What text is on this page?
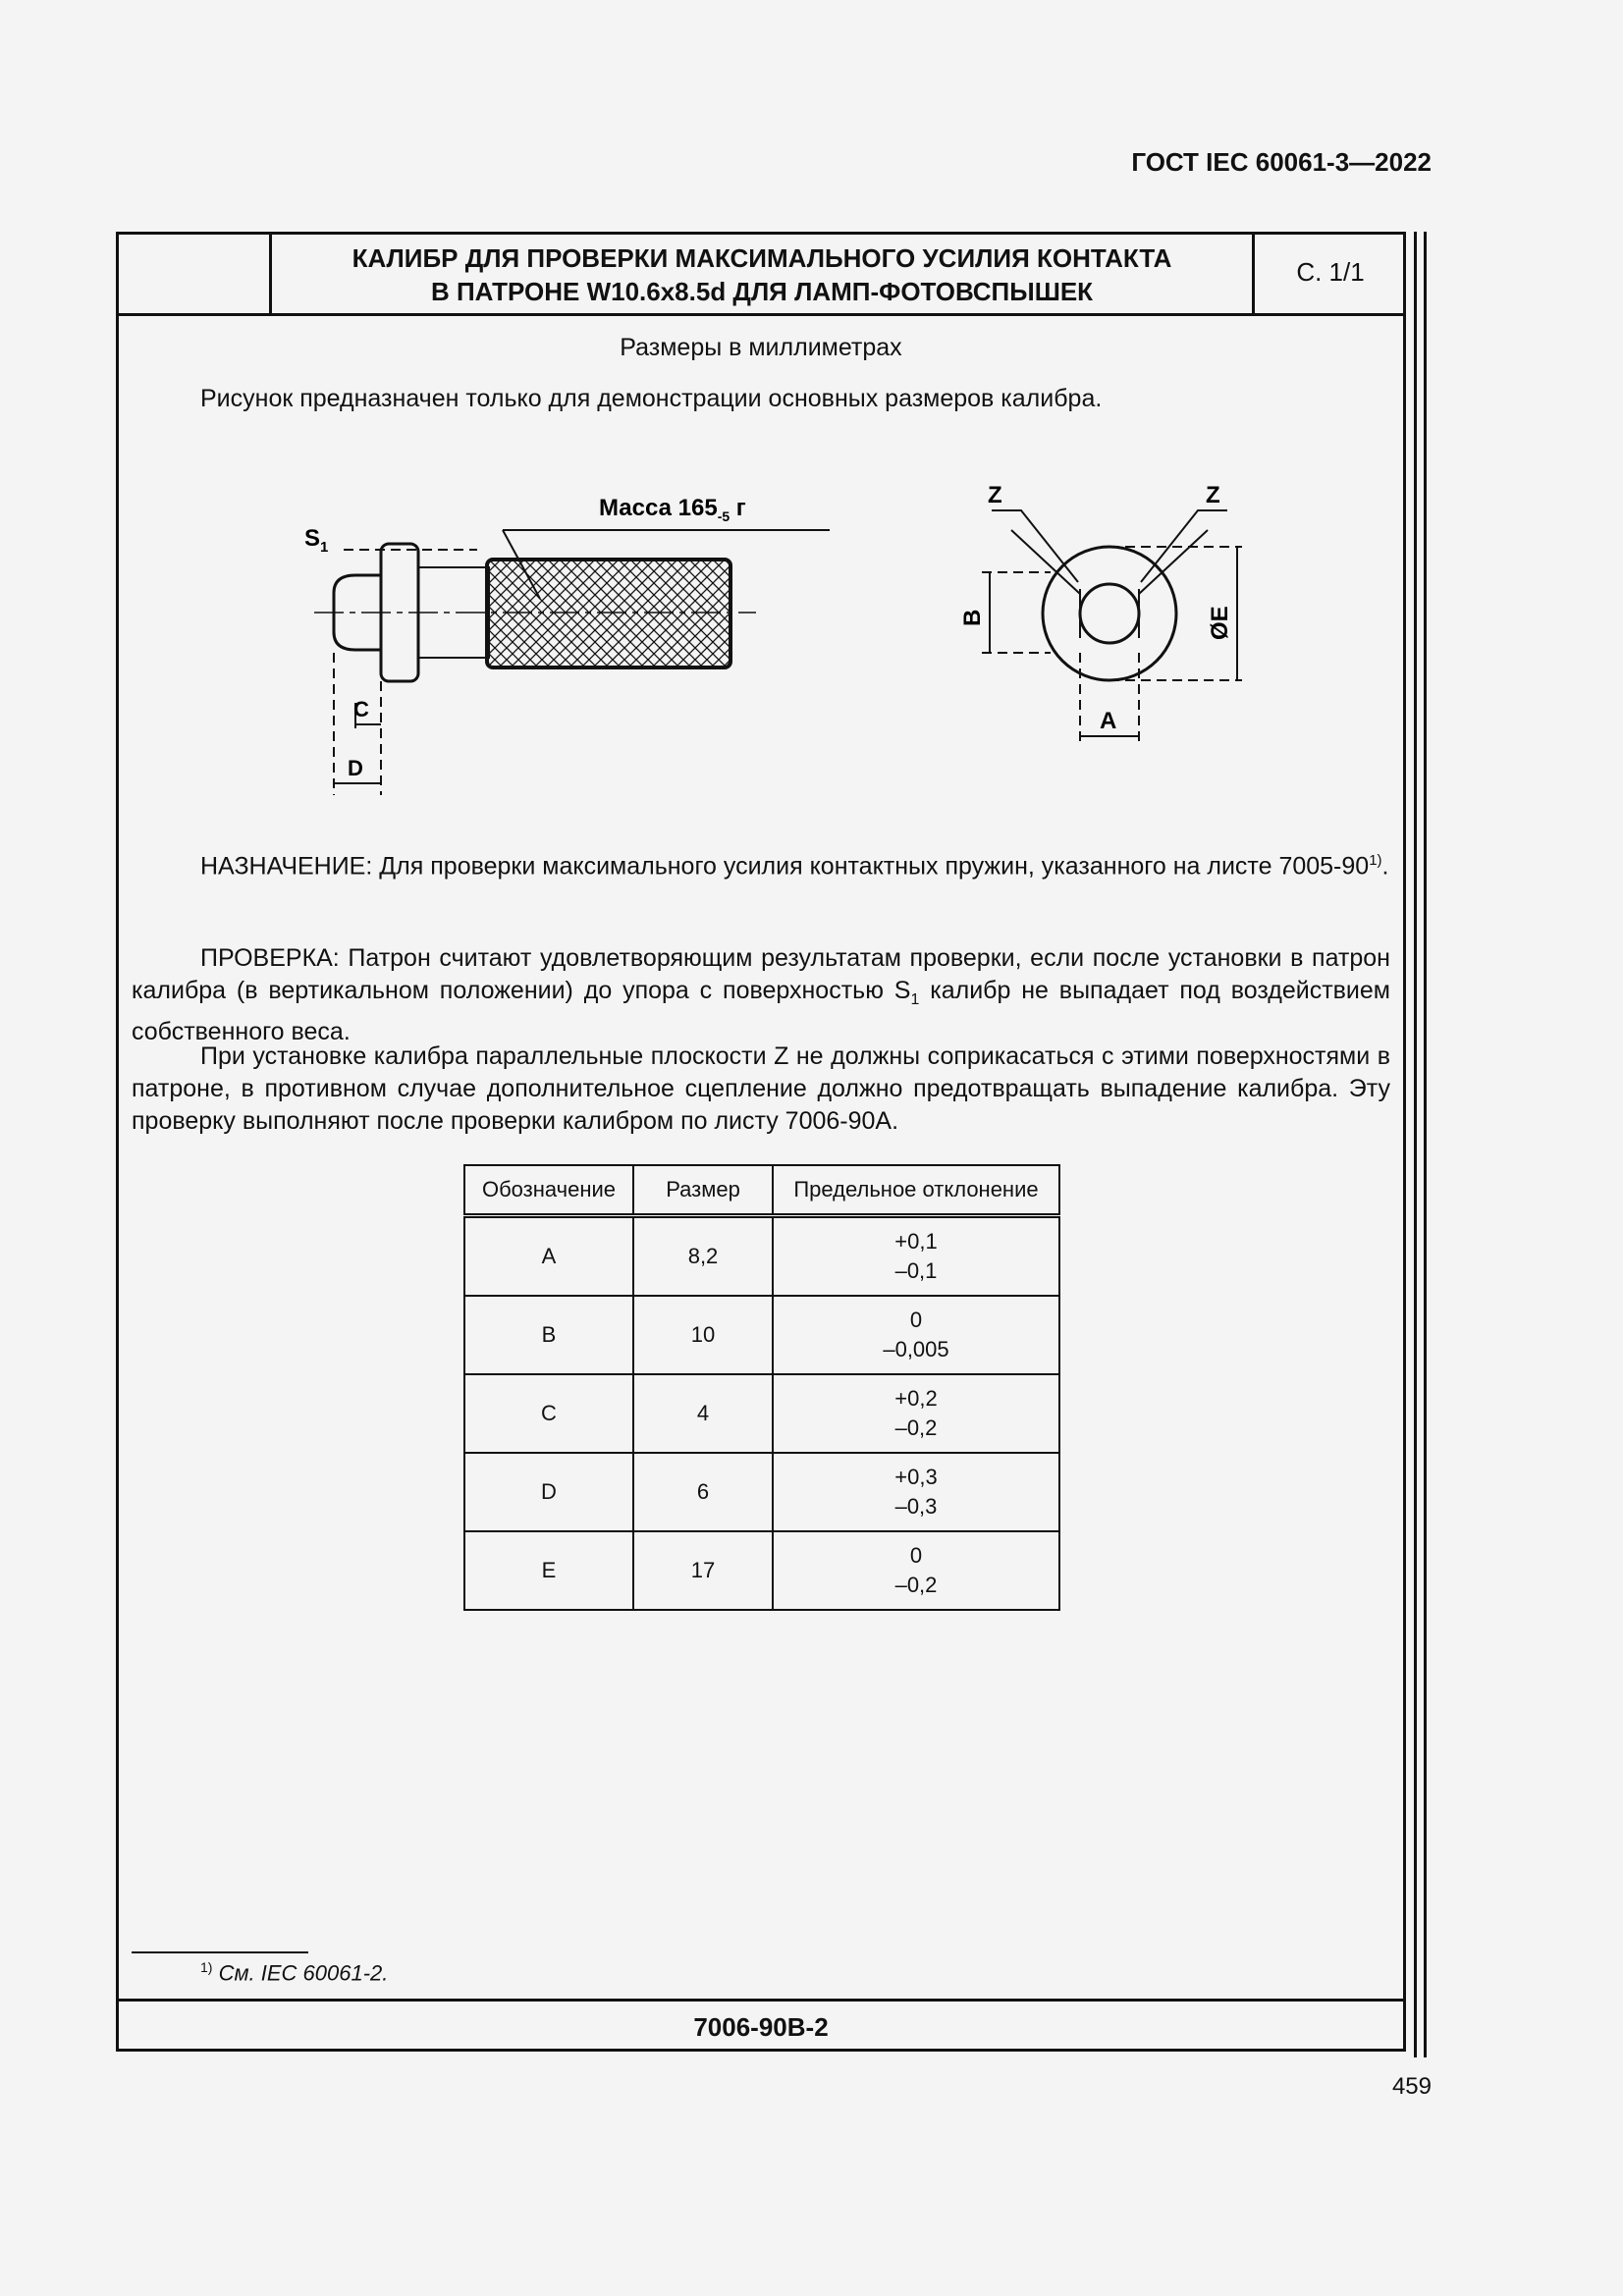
ГОСТ IEC 60061-3—2022
КАЛИБР ДЛЯ ПРОВЕРКИ МАКСИМАЛЬНОГО УСИЛИЯ КОНТАКТА
В ПАТРОНЕ W10.6x8.5d ДЛЯ ЛАМП-ФОТОВСПЫШЕК
С. 1/1
Размеры в миллиметрах
Рисунок предназначен только для демонстрации основных размеров калибра.
$S_1$
Масса $165_{-5}$ г
C
D
Z	Z
B	ØE
A
НАЗНАЧЕНИЕ: Для проверки максимального усилия контактных пружин, указанного на листе 7005-90$^{1)}$.
ПРОВЕРКА: Патрон считают удовлетворяющим результатам проверки, если после установки в патрон калибра (в вертикальном положении) до упора с поверхностью $S_1$ калибр не выпадает под воздействием собственного веса.
При установке калибра параллельные плоскости Z не должны соприкасаться с этими поверхностями в патроне, в противном случае дополнительное сцепление должно предотвращать выпадение калибра. Эту проверку выполняют после проверки калибром по листу 7006-90А.
Обозначение	Размер	Предельное отклонение
A	8,2	+0,1
–0,1

B	10	0
–0,005

C	4	+0,2
–0,2

D	6	+0,3
–0,3

E	17	0
–0,2
$^{1)}$ См. IEC 60061-2.
7006-90В-2
459
